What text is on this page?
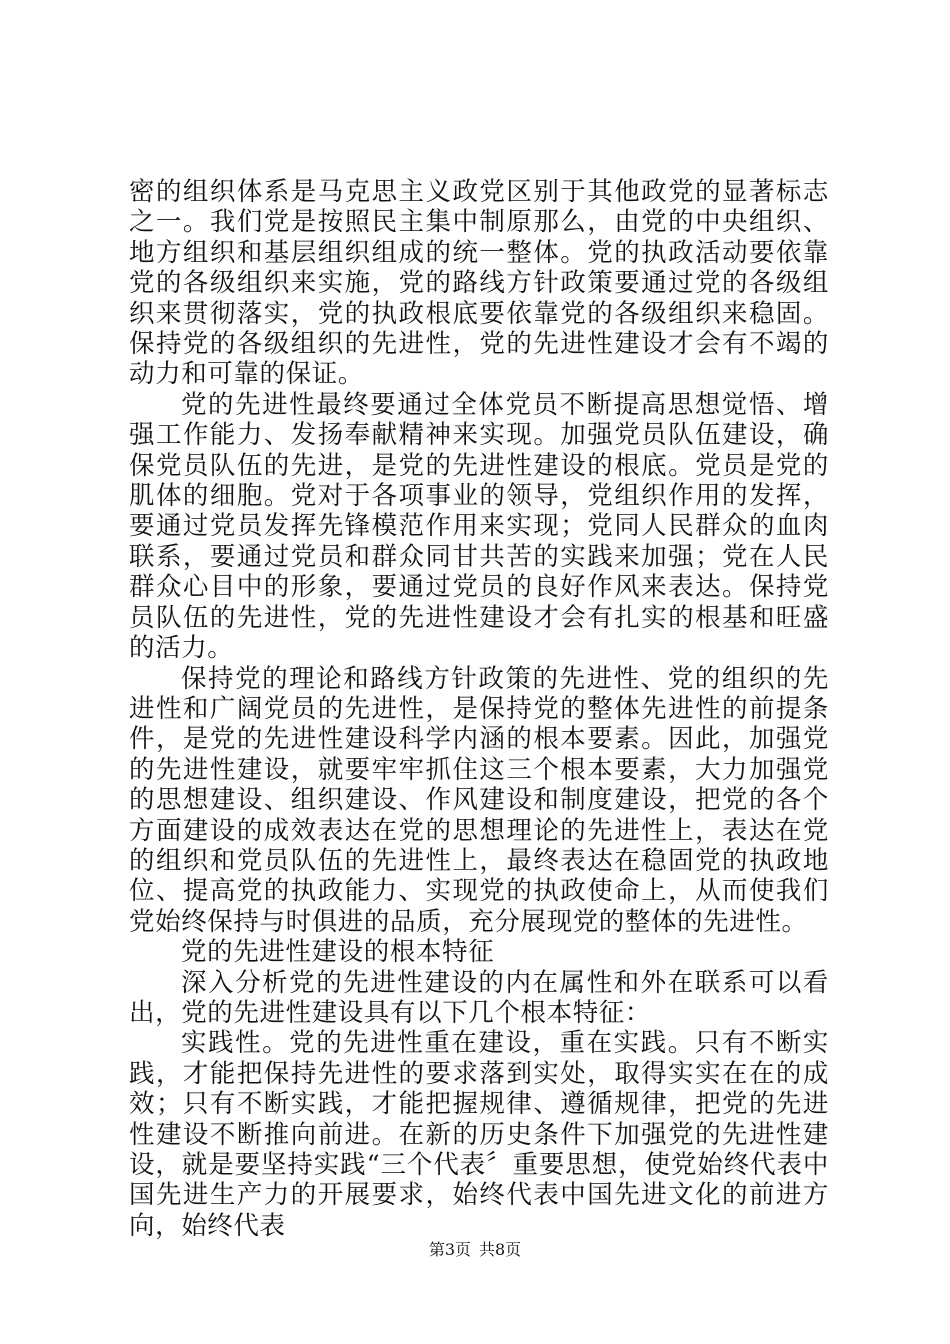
密的组织体系是马克思主义政党区别于其他政党的显著标志之一。我们党是按照民主集中制原那么，由党的中央组织、地方组织和基层组织组成的统一整体。党的执政活动要依靠党的各级组织来实施，党的路线方针政策要通过党的各级组织来贯彻落实，党的执政根底要依靠党的各级组织来稳固。保持党的各级组织的先进性，党的先进性建设才会有不竭的动力和可靠的保证。

党的先进性最终要通过全体党员不断提高思想觉悟、增强工作能力、发扬奉献精神来实现。加强党员队伍建设，确保党员队伍的先进，是党的先进性建设的根底。党员是党的肌体的细胞。党对于各项事业的领导，党组织作用的发挥，要通过党员发挥先锋模范作用来实现；党同人民群众的血肉联系，要通过党员和群众同甘共苦的实践来加强；党在人民群众心目中的形象，要通过党员的良好作风来表达。保持党员队伍的先进性，党的先进性建设才会有扎实的根基和旺盛的活力。

保持党的理论和路线方针政策的先进性、党的组织的先进性和广阔党员的先进性，是保持党的整体先进性的前提条件，是党的先进性建设科学内涵的根本要素。因此，加强党的先进性建设，就要牢牢抓住这三个根本要素，大力加强党的思想建设、组织建设、作风建设和制度建设，把党的各个方面建设的成效表达在党的思想理论的先进性上，表达在党的组织和党员队伍的先进性上，最终表达在稳固党的执政地位、提高党的执政能力、实现党的执政使命上，从而使我们党始终保持与时俱进的品质，充分展现党的整体的先进性。

党的先进性建设的根本特征

深入分析党的先进性建设的内在属性和外在联系可以看出，党的先进性建设具有以下几个根本特征：

实践性。党的先进性重在建设，重在实践。只有不断实践，才能把保持先进性的要求落到实处，取得实实在在的成效；只有不断实践，才能把握规律、遵循规律，把党的先进性建设不断推向前进。在新的历史条件下加强党的先进性建设，就是要坚持实践“三个代表〞重要思想，使党始终代表中国先进生产力的开展要求，始终代表中国先进文化的前进方向，始终代表

第3页 共8页
